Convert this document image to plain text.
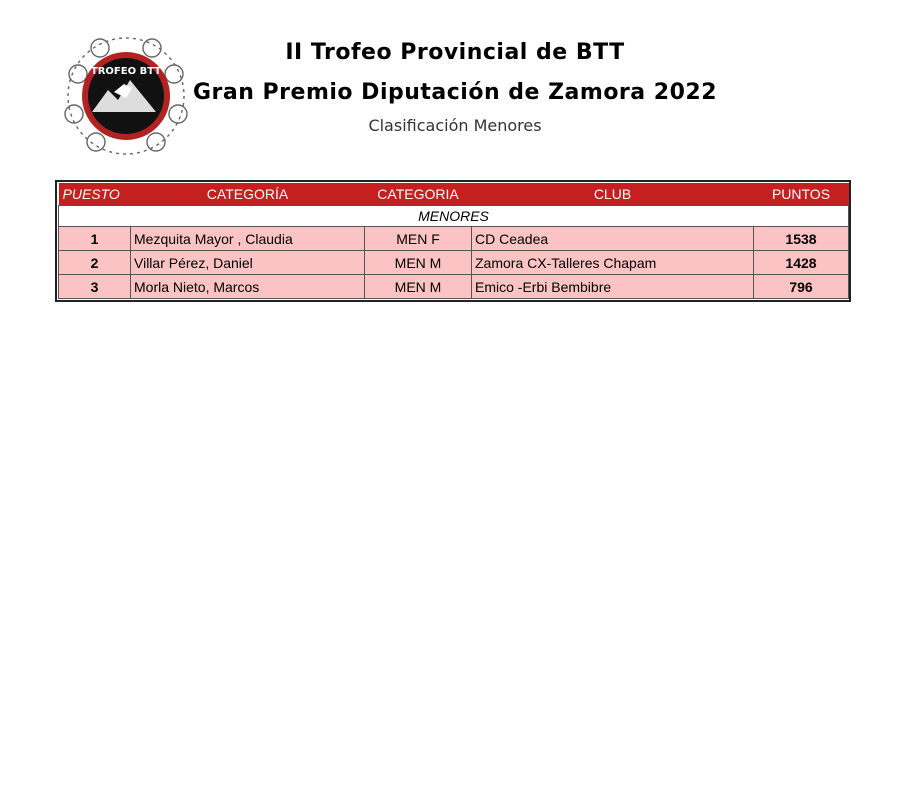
TROFEO BTT
II Trofeo Provincial de BTT
Gran Premio Diputación de Zamora 2022
Clasificación Menores
PUESTO	CATEGORÍA	CATEGORIA	CLUB	PUNTOS
MENORES				
1	Mezquita Mayor , Claudia	MEN F	CD Ceadea	1538
2	Villar Pérez, Daniel	MEN M	Zamora CX-Talleres Chapam	1428
3	Morla Nieto, Marcos	MEN M	Emico -Erbi Bembibre	796
